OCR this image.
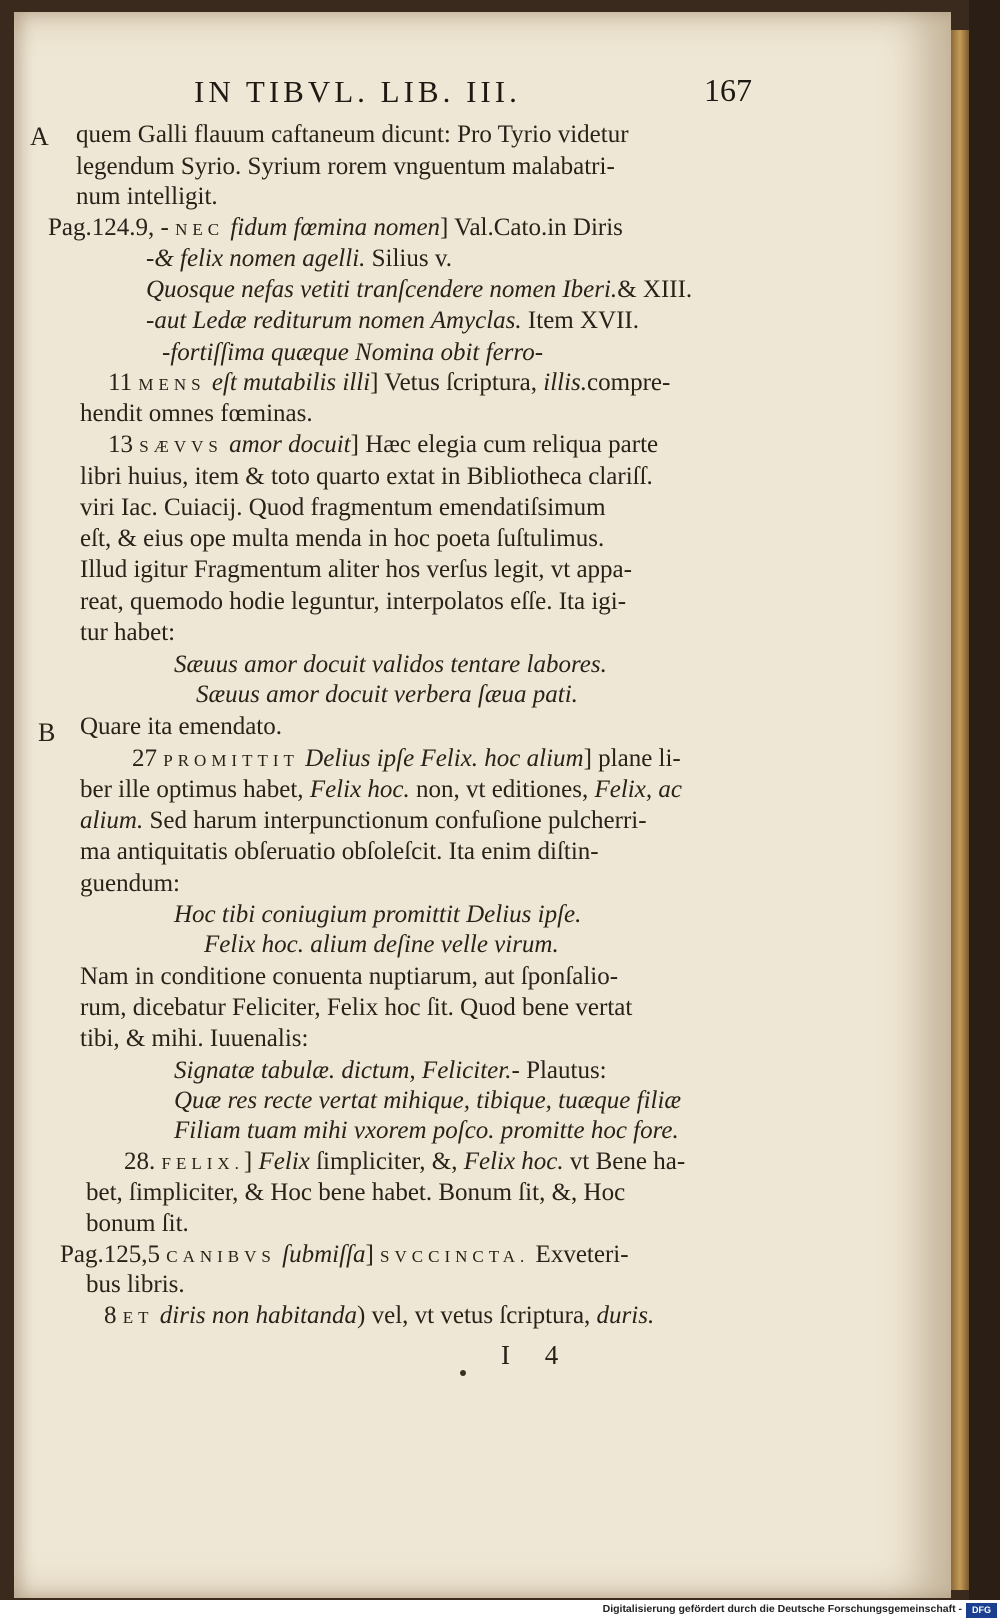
IN TIBVL. LIB. III.	167
A
B
quem Galli flauum caftaneum dicunt: Pro Tyrio videtur
legendum Syrio. Syrium rorem vnguentum malabatri-
num intelligit.
Pag.124.9, - NEC fidum fœmina nomen] Val.Cato.in Diris
-& felix nomen agelli. Silius v.
Quosque nefas vetiti tranſcendere nomen Iberi.& XIII.
-aut Ledæ rediturum nomen Amyclas. Item XVII.
-fortiſſima quæque Nomina obit ferro-
11 MENS eſt mutabilis illi] Vetus ſcriptura, illis.compre-
hendit omnes fœminas.
13 SÆVVS amor docuit] Hæc elegia cum reliqua parte
libri huius, item & toto quarto extat in Bibliotheca clariſſ.
viri Iac. Cuiacij. Quod fragmentum emendatiſsimum
eſt, & eius ope multa menda in hoc poeta ſuſtulimus.
Illud igitur Fragmentum aliter hos verſus legit, vt appa-
reat, quemodo hodie leguntur, interpolatos eſſe. Ita igi-
tur habet:
Sæuus amor docuit validos tentare labores.
Sæuus amor docuit verbera ſæua pati.
Quare ita emendato.
27 PROMITTIT Delius ipſe Felix. hoc alium] plane li-
ber ille optimus habet, Felix hoc. non, vt editiones, Felix, ac
alium. Sed harum interpunctionum confuſione pulcherri-
ma antiquitatis obſeruatio obſoleſcit. Ita enim diſtin-
guendum:
Hoc tibi coniugium promittit Delius ipſe.
Felix hoc. alium deſine velle virum.
Nam in conditione conuenta nuptiarum, aut ſponſalio-
rum, dicebatur Feliciter, Felix hoc ſit. Quod bene vertat
tibi, & mihi. Iuuenalis:
Signatæ tabulæ. dictum, Feliciter.- Plautus:
Quæ res recte vertat mihique, tibique, tuæque filiæ
Filiam tuam mihi vxorem poſco. promitte hoc fore.
28. FELIX.] Felix ſimpliciter, &, Felix hoc. vt Bene ha-
bet, ſimpliciter, & Hoc bene habet. Bonum ſit, &, Hoc
bonum ſit.
Pag.125,5 CANIBVS ſubmiſſa] SVCCINCTA. Exveteri-
bus libris.
8 ET diris non habitanda) vel, vt vetus ſcriptura, duris.
I 4
Digitalisierung gefördert durch die Deutsche Forschungsgemeinschaft -	DFG
